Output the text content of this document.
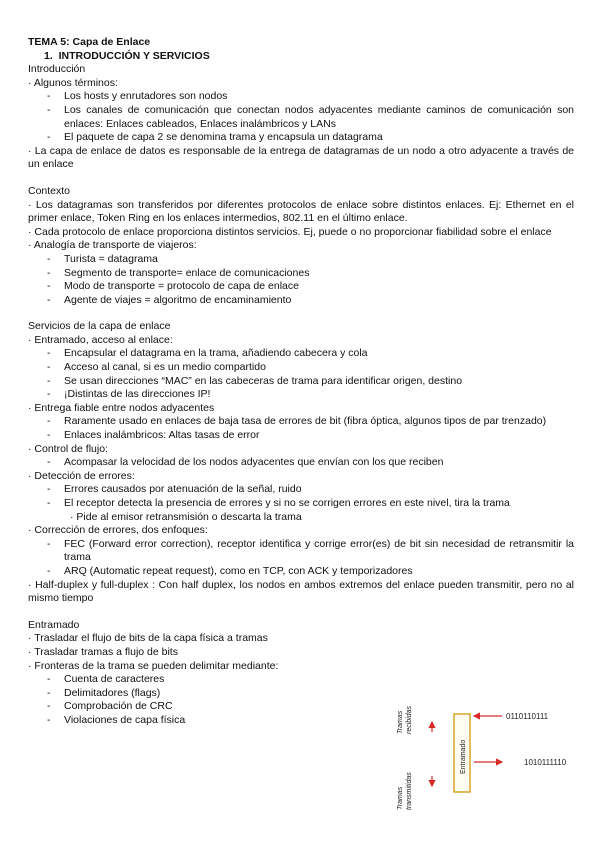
TEMA 5: Capa de Enlace
1.  INTRODUCCIÓN Y SERVICIOS
Introducción
· Algunos términos:
- Los hosts y enrutadores son nodos
- Los canales de comunicación que conectan nodos adyacentes mediante caminos de comunicación son enlaces: Enlaces cableados, Enlaces inalámbricos y LANs
- El paquete de capa 2 se denomina trama y encapsula un datagrama
· La capa de enlace de datos es responsable de la entrega de datagramas de un nodo a otro adyacente a través de un enlace
Contexto
· Los datagramas son transferidos por diferentes protocolos de enlace sobre distintos enlaces. Ej: Ethernet en el primer enlace, Token Ring en los enlaces intermedios, 802.11 en el último enlace.
· Cada protocolo de enlace proporciona distintos servicios. Ej, puede o no proporcionar fiabilidad sobre el enlace
· Analogía de transporte de viajeros:
- Turista = datagrama
- Segmento de transporte= enlace de comunicaciones
- Modo de transporte = protocolo de capa de enlace
- Agente de viajes = algoritmo de encaminamiento
Servicios de la capa de enlace
· Entramado, acceso al enlace:
- Encapsular el datagrama en la trama, añadiendo cabecera y cola
- Acceso al canal, si es un medio compartido
- Se usan direcciones “MAC” en las cabeceras de trama para identificar origen, destino
- ¡Distintas de las direcciones IP!
· Entrega fiable entre nodos adyacentes
- Raramente usado en enlaces de baja tasa de errores de bit (fibra óptica, algunos tipos de par trenzado)
- Enlaces inalámbricos: Altas tasas de error
· Control de flujo:
- Acompasar la velocidad de los nodos adyacentes que envían con los que reciben
· Detección de errores:
- Errores causados por atenuación de la señal, ruido
- El receptor detecta la presencia de errores y si no se corrigen errores en este nivel, tira la trama
· Pide al emisor retransmisión o descarta la trama
· Corrección de errores, dos enfoques:
- FEC (Forward error correction), receptor identifica y corrige error(es) de bit sin necesidad de retransmitir la trama
- ARQ (Automatic repeat request), como en TCP, con ACK y temporizadores
· Half-duplex y full-duplex : Con half duplex, los nodos en ambos extremos del enlace pueden transmitir, pero no al mismo tiempo
Entramado
· Trasladar el flujo de bits de la capa física a tramas
· Trasladar tramas a flujo de bits
· Fronteras de la trama se pueden delimitar mediante:
- Cuenta de caracteres
- Delimitadores (flags)
- Comprobación de CRC
- Violaciones de capa física	Tramas recibidas
Tramas transmitidas
Entramado
0110110111
1010111110
